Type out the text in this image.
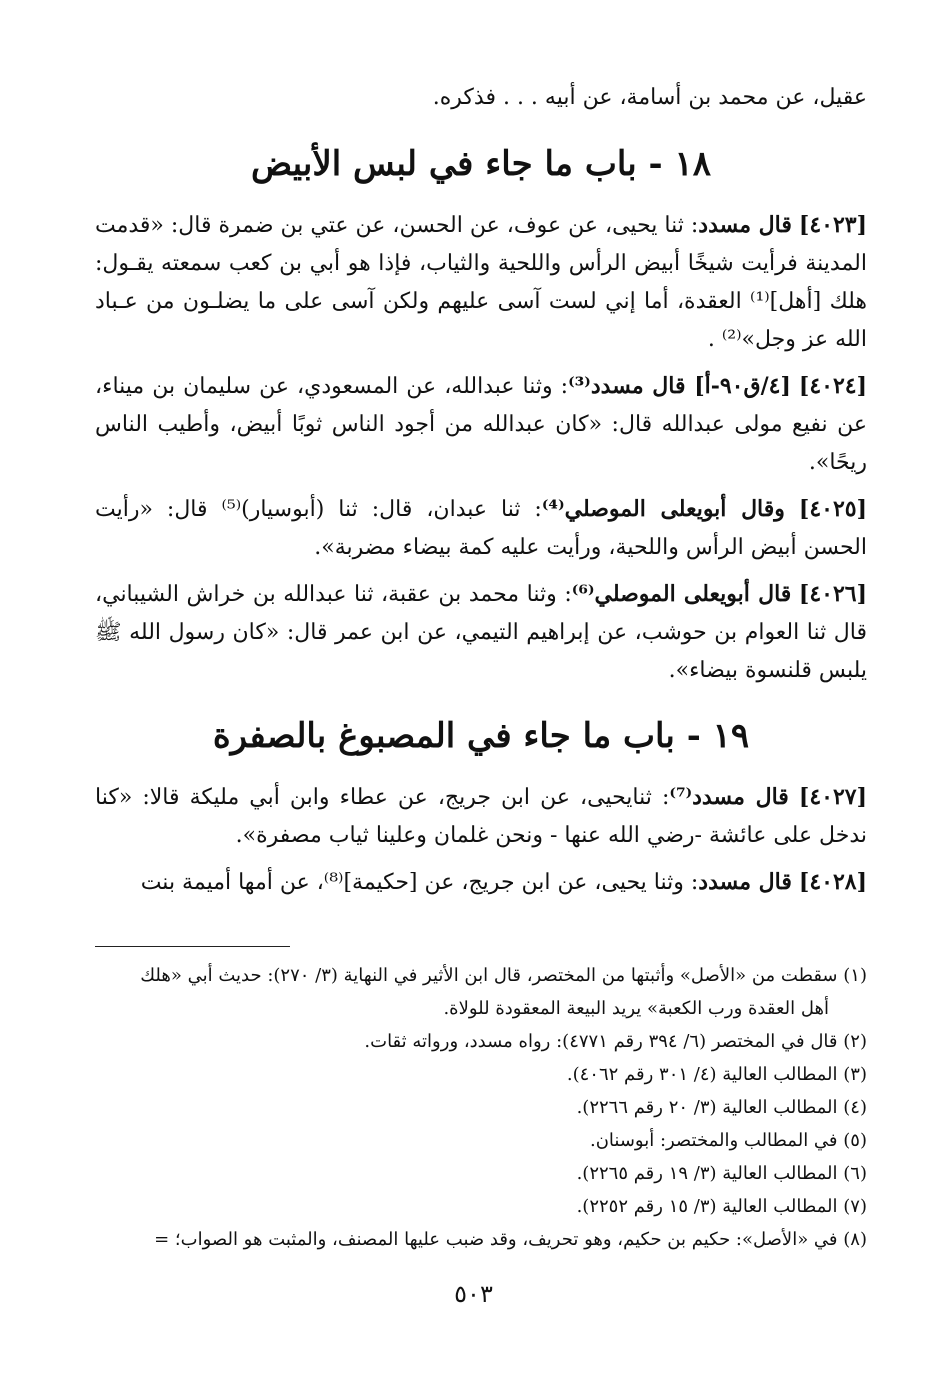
عقيل، عن محمد بن أسامة، عن أبيه . . . فذكره.

١٨ - باب ما جاء في لبس الأبيض

[٤٠٢٣] قال مسدد: ثنا يحيى، عن عوف، عن الحسن، عن عتي بن ضمرة قال: «قدمت المدينة فرأيت شيخًا أبيض الرأس واللحية والثياب، فإذا هو أبي بن كعب سمعته يقـول: هلك [أهل]⁽¹⁾ العقدة، أما إني لست آسى عليهم ولكن آسى على ما يضلـون من عـباد الله عز وجل»⁽²⁾ .

[٤٠٢٤] [٤/ق٩٠-أ] قال مسدد⁽³⁾: وثنا عبدالله، عن المسعودي، عن سليمان بن ميناء، عن نفيع مولى عبدالله قال: «كان عبدالله من أجود الناس ثوبًا أبيض، وأطيب الناس ريحًا».

[٤٠٢٥] وقال أبويعلى الموصلي⁽⁴⁾: ثنا عبدان، قال: ثنا (أبوسيار)⁽⁵⁾ قال: «رأيت الحسن أبيض الرأس واللحية، ورأيت عليه كمة بيضاء مضربة».

[٤٠٢٦] قال أبويعلى الموصلي⁽⁶⁾: وثنا محمد بن عقبة، ثنا عبدالله بن خراش الشيباني، قال ثنا العوام بن حوشب، عن إبراهيم التيمي، عن ابن عمر قال: «كان رسول الله ﷺ يلبس قلنسوة بيضاء».

١٩ - باب ما جاء في المصبوغ بالصفرة

[٤٠٢٧] قال مسدد⁽⁷⁾: ثنايحيى، عن ابن جريج، عن عطاء وابن أبي مليكة قالا: «كنا ندخل على عائشة -رضي الله عنها - ونحن غلمان وعلينا ثياب مصفرة».

[٤٠٢٨] قال مسدد: وثنا يحيى، عن ابن جريج، عن [حكيمة]⁽⁸⁾، عن أمها أميمة بنت

(١) سقطت من «الأصل» وأثبتها من المختصر، قال ابن الأثير في النهاية (٣/ ٢٧٠): حديث أبي «هلك

أهل العقدة ورب الكعبة» يريد البيعة المعقودة للولاة.

(٢) قال في المختصر (٦/ ٣٩٤ رقم ٤٧٧١): رواه مسدد، ورواته ثقات.

(٣) المطالب العالية (٤/ ٣٠١ رقم ٤٠٦٢).

(٤) المطالب العالية (٣/ ٢٠ رقم ٢٢٦٦).

(٥) في المطالب والمختصر: أبوسنان.

(٦) المطالب العالية (٣/ ١٩ رقم ٢٢٦٥).

(٧) المطالب العالية (٣/ ١٥ رقم ٢٢٥٢).

(٨) في «الأصل»: حكيم بن حكيم، وهو تحريف، وقد ضبب عليها المصنف، والمثبت هو الصواب؛ =

٥٠٣
